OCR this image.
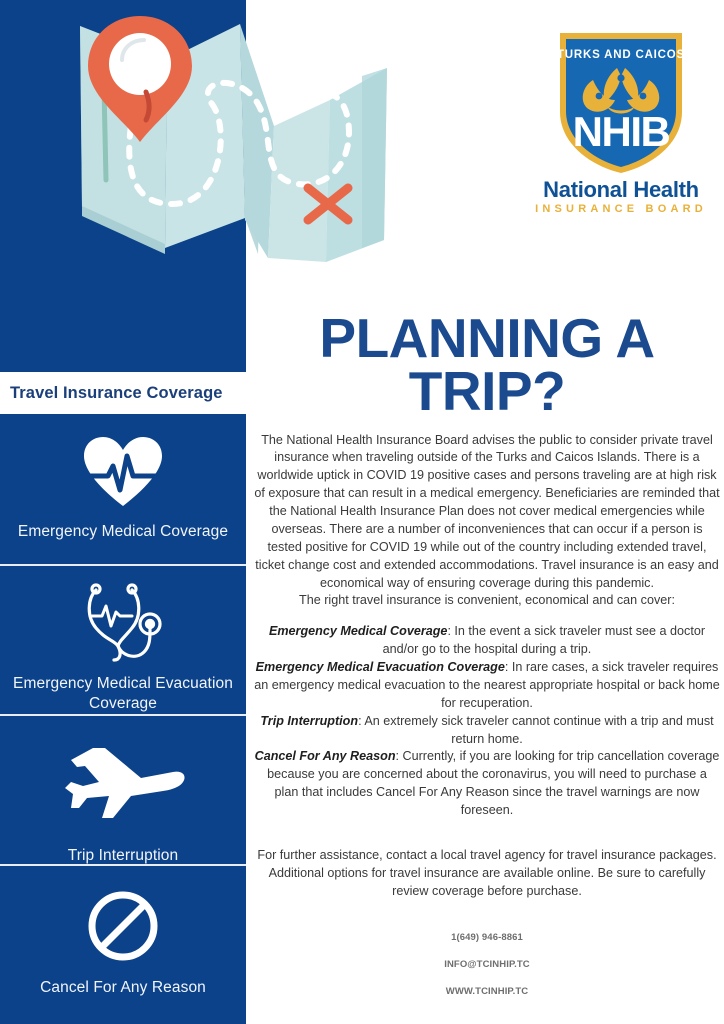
TURKS AND CAICOS
NHIB
National Health
INSURANCE BOARD
Travel Insurance Coverage
Emergency Medical Coverage
Emergency Medical Evacuation Coverage
Trip Interruption
Cancel For Any Reason
PLANNING A TRIP?

The National Health Insurance Board advises the public to consider private travel insurance when traveling outside of the Turks and Caicos Islands. There is a worldwide uptick in COVID 19 positive cases and persons traveling are at high risk of exposure that can result in a medical emergency. Beneficiaries are reminded that the National Health Insurance Plan does not cover medical emergencies while overseas. There are a number of inconveniences that can occur if a person is tested positive for COVID 19 while out of the country including extended travel, ticket change cost and extended accommodations. Travel insurance is an easy and economical way of ensuring coverage during this pandemic.

The right travel insurance is convenient, economical and can cover:

Emergency Medical Coverage: In the event a sick traveler must see a doctor and/or go to the hospital during a trip.

Emergency Medical Evacuation Coverage: In rare cases, a sick traveler requires an emergency medical evacuation to the nearest appropriate hospital or back home for recuperation.

Trip Interruption: An extremely sick traveler cannot continue with a trip and must return home.

Cancel For Any Reason: Currently, if you are looking for trip cancellation coverage because you are concerned about the coronavirus, you will need to purchase a plan that includes Cancel For Any Reason since the travel warnings are now foreseen.

For further assistance, contact a local travel agency for travel insurance packages. Additional options for travel insurance are available online. Be sure to carefully review coverage before purchase.

1(649) 946-8861
INFO@TCINHIP.TC
WWW.TCINHIP.TC
